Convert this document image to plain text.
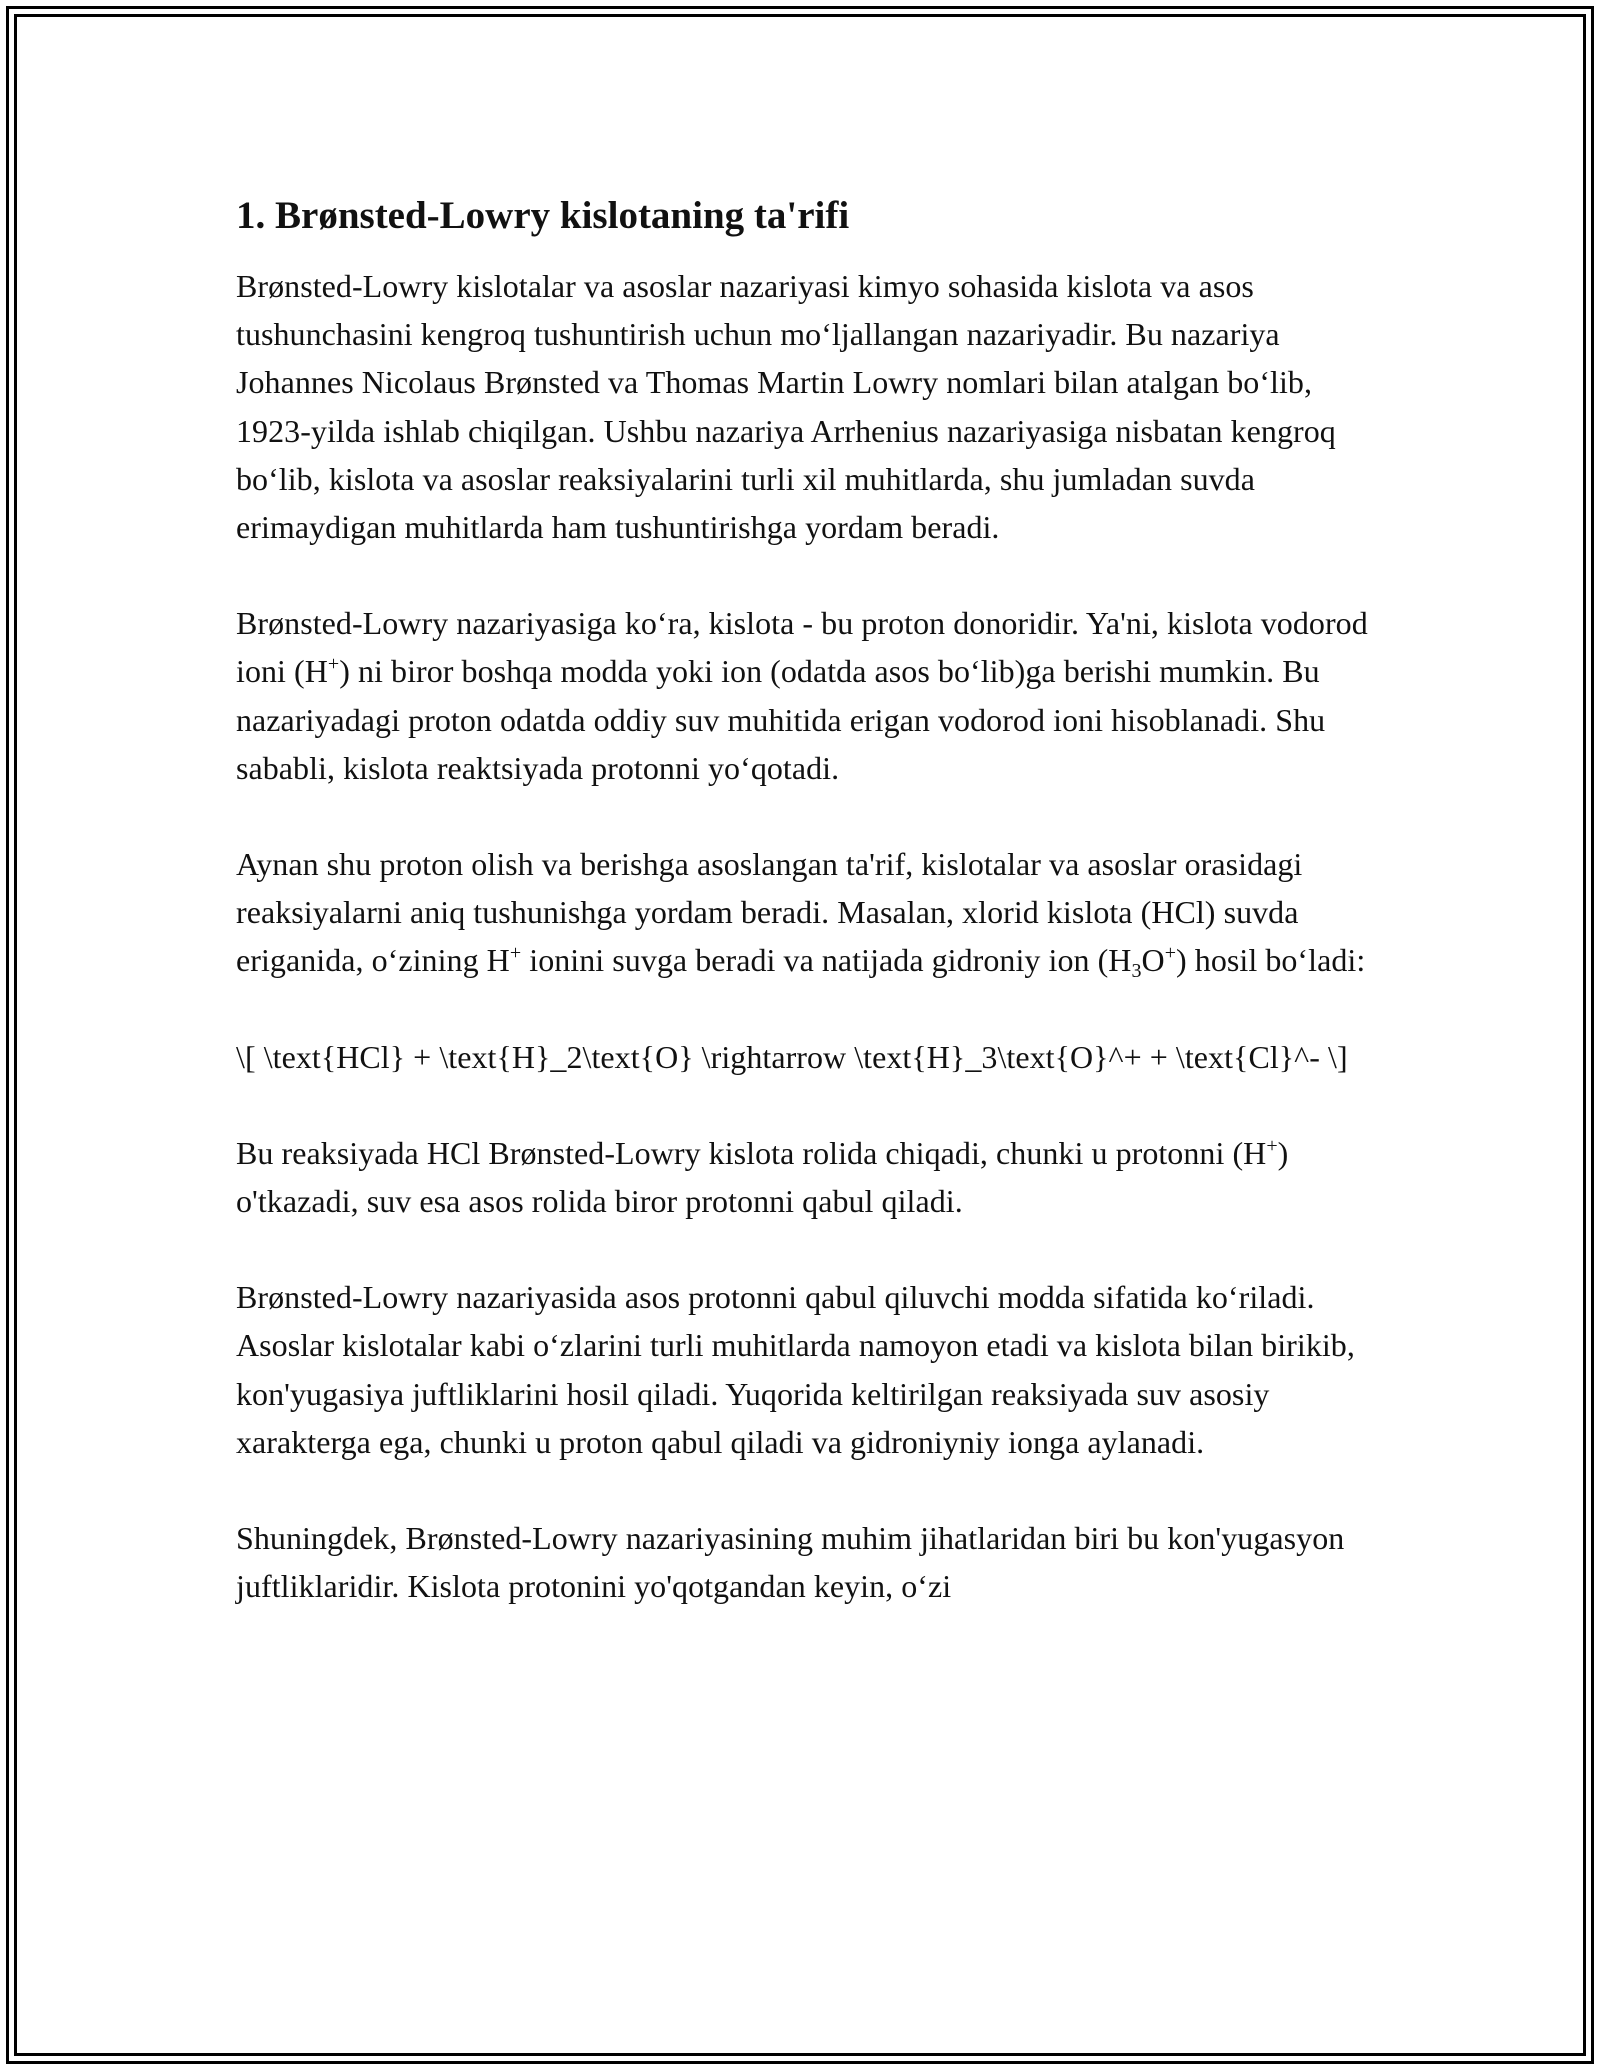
1. Brønsted-Lowry kislotaning ta'rifi

Brønsted-Lowry kislotalar va asoslar nazariyasi kimyo sohasida kislota va asos tushunchasini kengroq tushuntirish uchun mo‘ljallangan nazariyadir. Bu nazariya Johannes Nicolaus Brønsted va Thomas Martin Lowry nomlari bilan atalgan bo‘lib, 1923-yilda ishlab chiqilgan. Ushbu nazariya Arrhenius nazariyasiga nisbatan kengroq bo‘lib, kislota va asoslar reaksiyalarini turli xil muhitlarda, shu jumladan suvda erimaydigan muhitlarda ham tushuntirishga yordam beradi.

Brønsted-Lowry nazariyasiga ko‘ra, kislota - bu proton donoridir. Ya'ni, kislota vodorod ioni (H+) ni biror boshqa modda yoki ion (odatda asos bo‘lib)ga berishi mumkin. Bu nazariyadagi proton odatda oddiy suv muhitida erigan vodorod ioni hisoblanadi. Shu sababli, kislota reaktsiyada protonni yo‘qotadi.

Aynan shu proton olish va berishga asoslangan ta'rif, kislotalar va asoslar orasidagi reaksiyalarni aniq tushunishga yordam beradi. Masalan, xlorid kislota (HCl) suvda eriganida, o‘zining H+ ionini suvga beradi va natijada gidroniy ion $(H_3O^+)$ hosil bo‘ladi:

\[ \text{HCl} + \text{H}_2\text{O} \rightarrow \text{H}_3\text{O}^+ + \text{Cl}^- \]

Bu reaksiyada HCl Brønsted-Lowry kislota rolida chiqadi, chunki u protonni (H+) o'tkazadi, suv esa asos rolida biror protonni qabul qiladi.

Brønsted-Lowry nazariyasida asos protonni qabul qiluvchi modda sifatida ko‘riladi. Asoslar kislotalar kabi o‘zlarini turli muhitlarda namoyon etadi va kislota bilan birikib, kon'yugasiya juftliklarini hosil qiladi. Yuqorida keltirilgan reaksiyada suv asosiy xarakterga ega, chunki u proton qabul qiladi va gidroniyniy ionga aylanadi.

Shuningdek, Brønsted-Lowry nazariyasining muhim jihatlaridan biri bu kon'yugasyon juftliklaridir. Kislota protonini yo'qotgandan keyin, o‘zi
